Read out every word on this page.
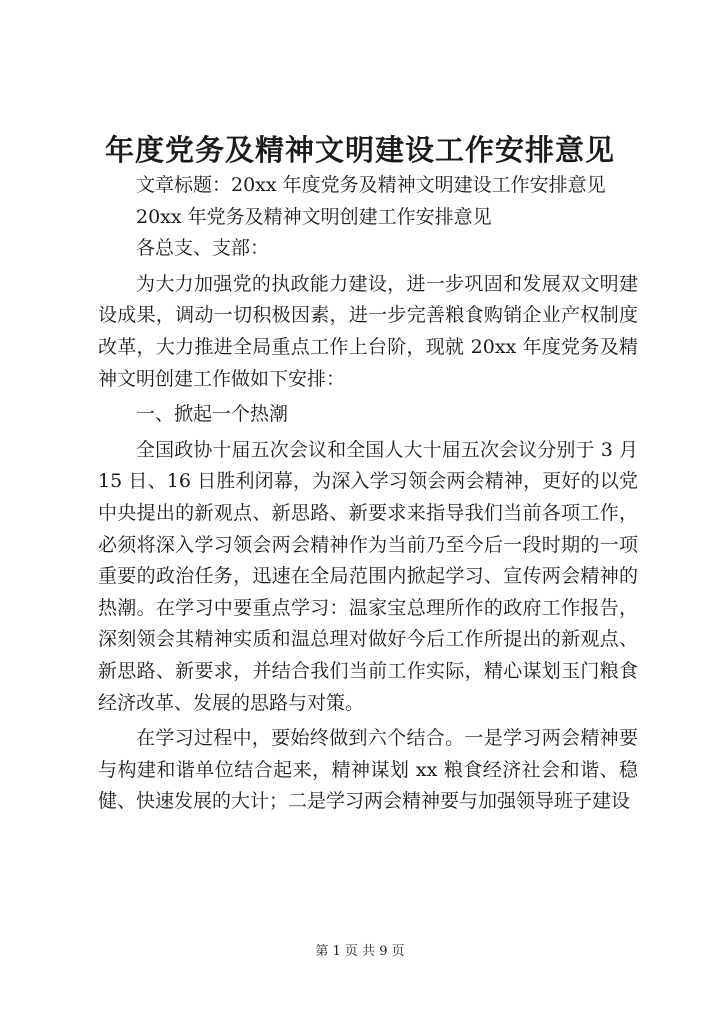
年度党务及精神文明建设工作安排意见

文章标题：20xx 年度党务及精神文明建设工作安排意见

20xx 年党务及精神文明创建工作安排意见

各总支、支部：

为大力加强党的执政能力建设，进一步巩固和发展双文明建设成果，调动一切积极因素，进一步完善粮食购销企业产权制度改革，大力推进全局重点工作上台阶，现就 20xx 年度党务及精神文明创建工作做如下安排：

一、掀起一个热潮

全国政协十届五次会议和全国人大十届五次会议分别于 3 月 15 日、16 日胜利闭幕，为深入学习领会两会精神，更好的以党中央提出的新观点、新思路、新要求来指导我们当前各项工作，必须将深入学习领会两会精神作为当前乃至今后一段时期的一项重要的政治任务，迅速在全局范围内掀起学习、宣传两会精神的热潮。在学习中要重点学习：温家宝总理所作的政府工作报告，深刻领会其精神实质和温总理对做好今后工作所提出的新观点、新思路、新要求，并结合我们当前工作实际，精心谋划玉门粮食经济改革、发展的思路与对策。

在学习过程中，要始终做到六个结合。一是学习两会精神要与构建和谐单位结合起来，精神谋划 xx 粮食经济社会和谐、稳健、快速发展的大计；二是学习两会精神要与加强领导班子建设

第 1 页 共 9 页
